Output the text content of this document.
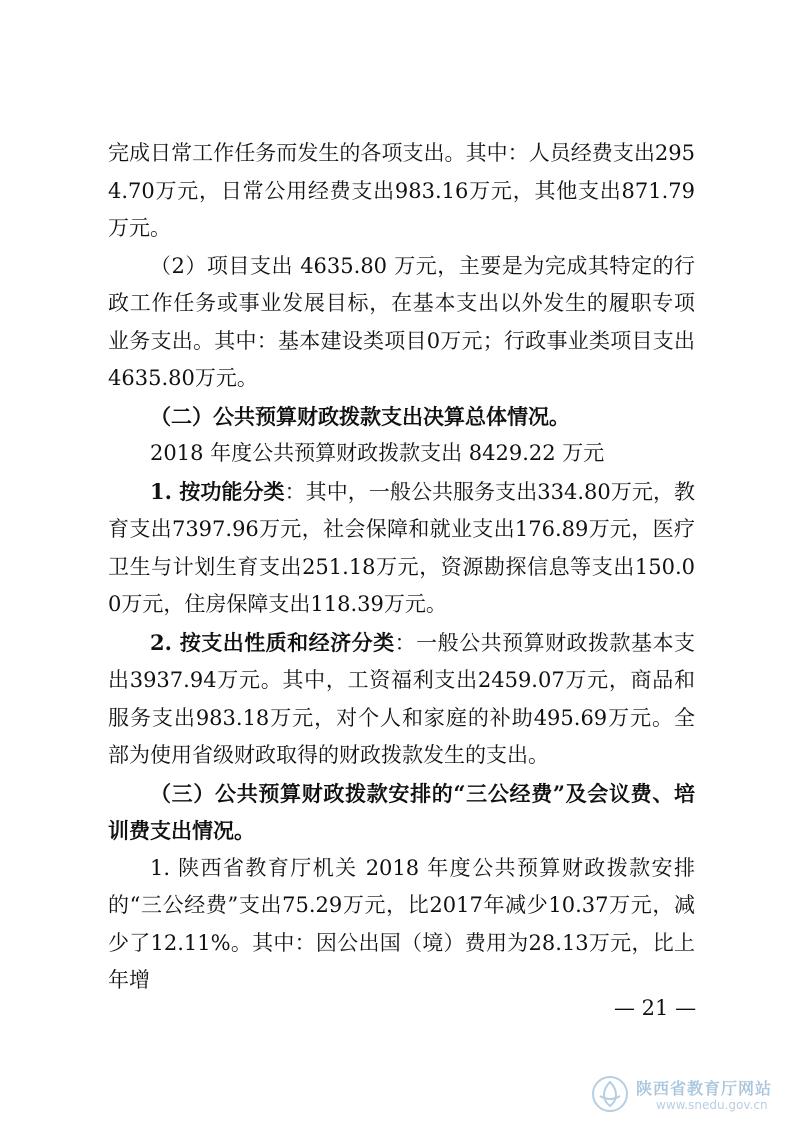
完成日常工作任务而发生的各项支出。其中：人员经费支出2954.70万元，日常公用经费支出983.16万元，其他支出871.79万元。

（2）项目支出 4635.80 万元，主要是为完成其特定的行政工作任务或事业发展目标，在基本支出以外发生的履职专项业务支出。其中：基本建设类项目0万元；行政事业类项目支出4635.80万元。

（二）公共预算财政拨款支出决算总体情况。

2018 年度公共预算财政拨款支出 8429.22 万元

1. 按功能分类：其中，一般公共服务支出334.80万元，教育支出7397.96万元，社会保障和就业支出176.89万元，医疗卫生与计划生育支出251.18万元，资源勘探信息等支出150.00万元，住房保障支出118.39万元。

2. 按支出性质和经济分类：一般公共预算财政拨款基本支出3937.94万元。其中，工资福利支出2459.07万元，商品和服务支出983.18万元，对个人和家庭的补助495.69万元。全部为使用省级财政取得的财政拨款发生的支出。

（三）公共预算财政拨款安排的“三公经费”及会议费、培训费支出情况。

1. 陕西省教育厅机关 2018 年度公共预算财政拨款安排的“三公经费”支出75.29万元，比2017年减少10.37万元，减少了12.11%。其中：因公出国（境）费用为28.13万元，比上年增

— 21 —
陕西省教育厅网站
www.snedu.gov.cn
